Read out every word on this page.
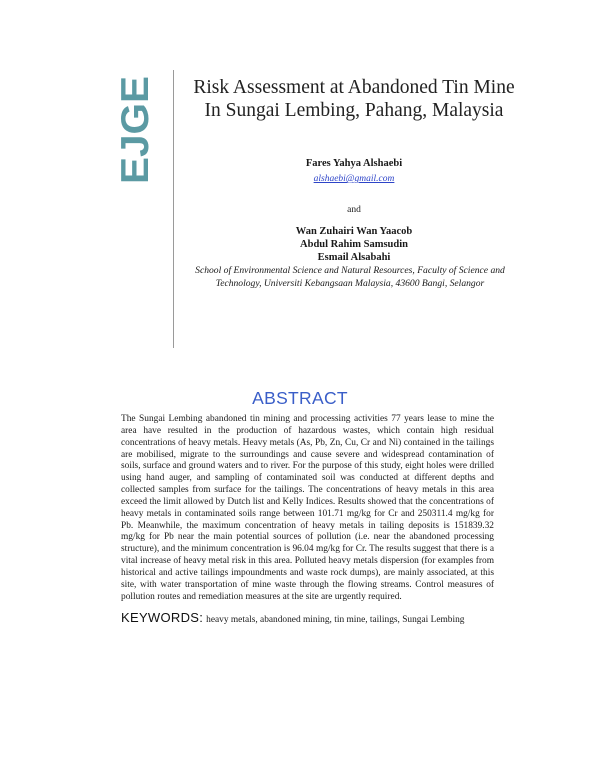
EJGE	Risk Assessment at Abandoned Tin Mine
In Sungai Lembing, Pahang, Malaysia
Fares Yahya Alshaebi
alshaebi@gmail.com
and
Wan Zuhairi Wan Yaacob
Abdul Rahim Samsudin
Esmail Alsabahi
School of Environmental Science and Natural Resources, Faculty of Science and Technology, Universiti Kebangsaan Malaysia, 43600 Bangi, Selangor
ABSTRACT
The Sungai Lembing abandoned tin mining and processing activities 77 years lease to mine the area have resulted in the production of hazardous wastes, which contain high residual concentrations of heavy metals. Heavy metals (As, Pb, Zn, Cu, Cr and Ni) contained in the tailings are mobilised, migrate to the surroundings and cause severe and widespread contamination of soils, surface and ground waters and to river. For the purpose of this study, eight holes were drilled using hand auger, and sampling of contaminated soil was conducted at different depths and collected samples from surface for the tailings. The concentrations of heavy metals in this area exceed the limit allowed by Dutch list and Kelly Indices. Results showed that the concentrations of heavy metals in contaminated soils range between 101.71 mg/kg for Cr and 250311.4 mg/kg for Pb. Meanwhile, the maximum concentration of heavy metals in tailing deposits is 151839.32 mg/kg for Pb near the main potential sources of pollution (i.e. near the abandoned processing structure), and the minimum concentration is 96.04 mg/kg for Cr. The results suggest that there is a vital increase of heavy metal risk in this area. Polluted heavy metals dispersion (for examples from historical and active tailings impoundments and waste rock dumps), are mainly associated, at this site, with water transportation of mine waste through the flowing streams. Control measures of pollution routes and remediation measures at the site are urgently required.
KEYWORDS: heavy metals, abandoned mining, tin mine, tailings, Sungai Lembing
